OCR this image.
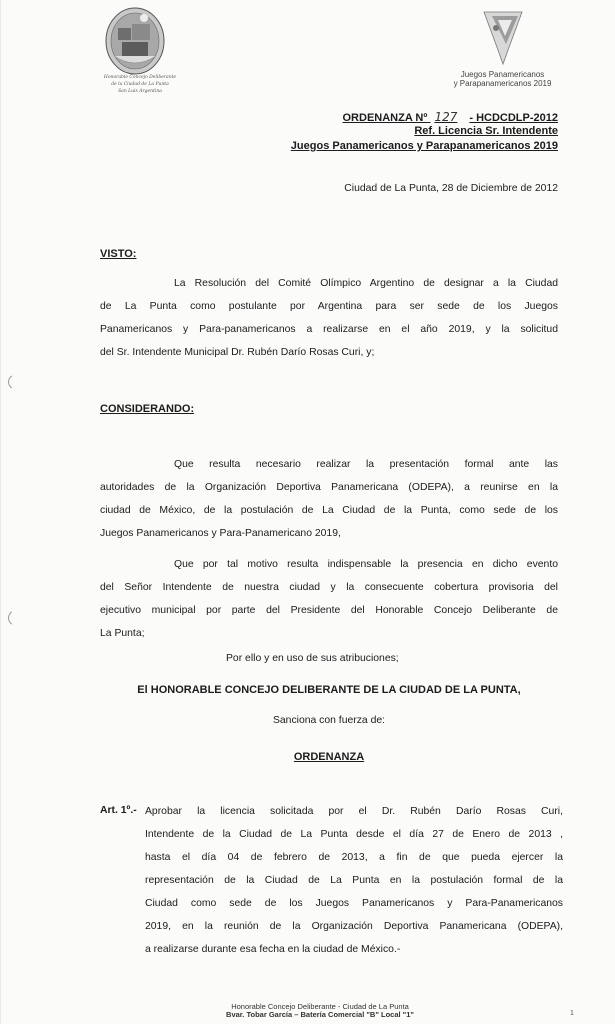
Honorable Concejo Deliberante
de la Ciudad de La Punta
San Luis Argentina
Juegos Panamericanos
y Parapanamericanos 2019
ORDENANZA Nº 127 - HCDCDLP-2012
Ref. Licencia Sr. Intendente
Juegos Panamericanos y Parapanamericanos 2019
Ciudad de La Punta, 28 de Diciembre de 2012
VISTO:
La Resolución del Comité Olímpico Argentino de designar a la Ciudad
de La Punta como postulante por Argentina para ser sede de los Juegos
Panamericanos y Para-panamericanos a realizarse en el año 2019, y la solicitud
del Sr. Intendente Municipal Dr. Rubén Darío Rosas Curi, y;
CONSIDERANDO:
Que resulta necesario realizar la presentación formal ante las
autoridades de la Organización Deportiva Panamericana (ODEPA), a reunirse en la
ciudad de México, de la postulación de La Ciudad de la Punta, como sede de los
Juegos Panamericanos y Para-Panamericano 2019,
Que por tal motivo resulta indispensable la presencia en dicho evento
del Señor Intendente de nuestra ciudad y la consecuente cobertura provisoria del
ejecutivo municipal por parte del Presidente del Honorable Concejo Deliberante de
La Punta;
Por ello y en uso de sus atribuciones;
El HONORABLE CONCEJO DELIBERANTE DE LA CIUDAD DE LA PUNTA,
Sanciona con fuerza de:
ORDENANZA
Art. 1º.- Aprobar la licencia solicitada por el Dr. Rubén Darío Rosas Curi,
Intendente de la Ciudad de La Punta desde el día 27 de Enero de 2013 ,
hasta el día 04 de febrero de 2013, a fin de que pueda ejercer la
representación de la Ciudad de La Punta en la postulación formal de la
Ciudad como sede de los Juegos Panamericanos y Para-Panamericanos
2019, en la reunión de la Organización Deportiva Panamericana (ODEPA),
a realizarse durante esa fecha en la ciudad de México.-
Honorable Concejo Deliberante - Ciudad de La Punta
Bvar. Tobar García – Batería Comercial "B" Local "1"	1
